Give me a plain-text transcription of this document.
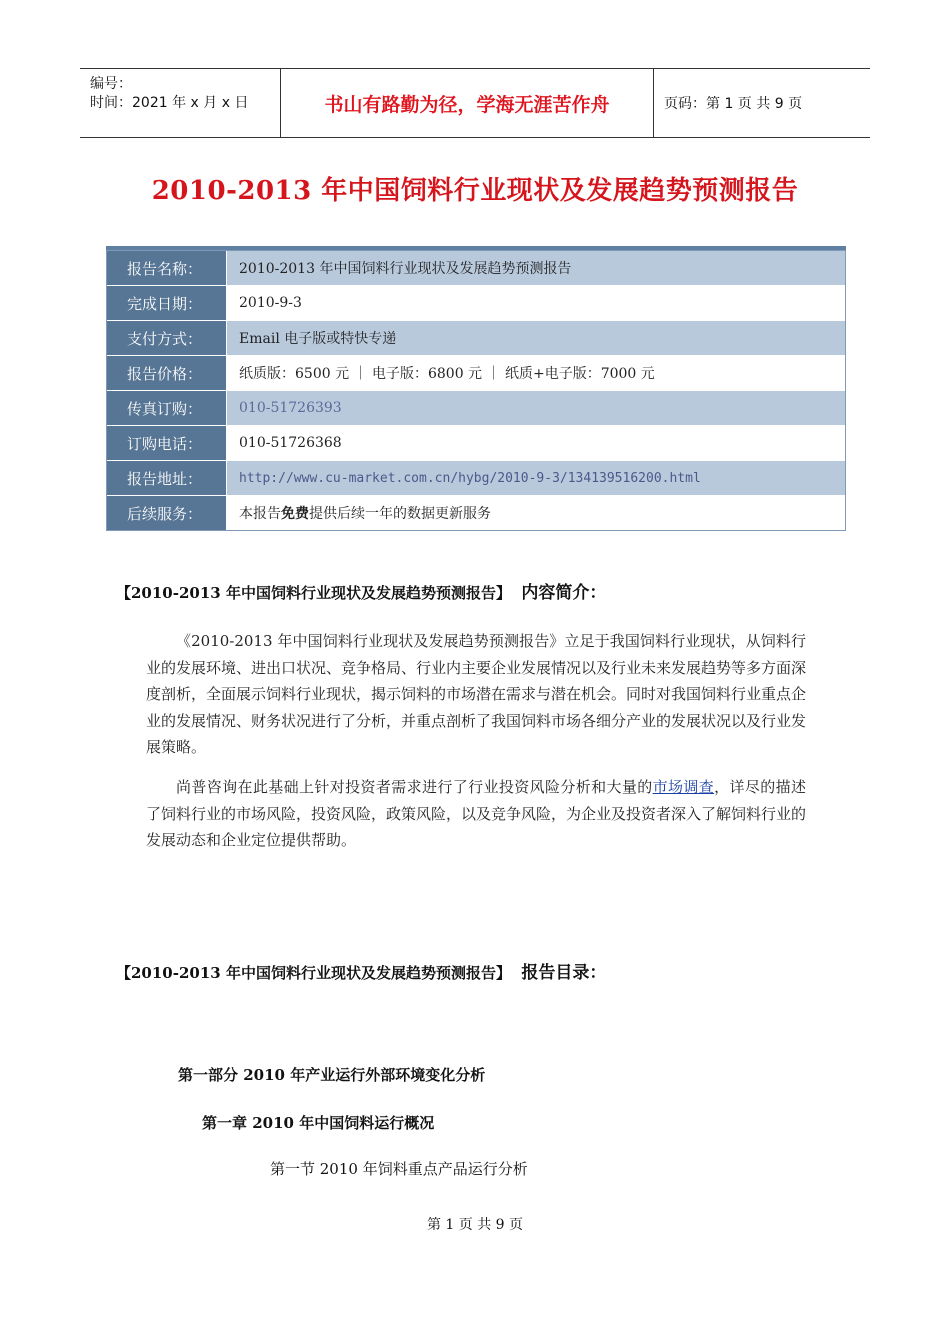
编号：
时间：2021 年 x 月 x 日	书山有路勤为径，学海无涯苦作舟	页码：第 1 页 共 9 页
2010-2013 年中国饲料行业现状及发展趋势预测报告
报告名称：	2010-2013 年中国饲料行业现状及发展趋势预测报告
完成日期：	2010-9-3
支付方式：	Email 电子版或特快专递
报告价格：	纸质版：6500 元 ｜ 电子版：6800 元 ｜ 纸质+电子版：7000 元
传真订购：	010-51726393
订购电话：	010-51726368
报告地址：	http://www.cu-market.com.cn/hybg/2010-9-3/134139516200.html
后续服务：	本报告 免费 提供后续一年的数据更新服务
【2010-2013 年中国饲料行业现状及发展趋势预测报告】 内容简介：
《2010-2013 年中国饲料行业现状及发展趋势预测报告》立足于我国饲料行业现状，从饲料行业的发展环境、进出口状况、竞争格局、行业内主要企业发展情况以及行业未来发展趋势等多方面深度剖析，全面展示饲料行业现状，揭示饲料的市场潜在需求与潜在机会。同时对我国饲料行业重点企业的发展情况、财务状况进行了分析，并重点剖析了我国饲料市场各细分产业的发展状况以及行业发展策略。
尚普咨询在此基础上针对投资者需求进行了行业投资风险分析和大量的市场调查，详尽的描述了饲料行业的市场风险，投资风险，政策风险，以及竞争风险，为企业及投资者深入了解饲料行业的发展动态和企业定位提供帮助。
【2010-2013 年中国饲料行业现状及发展趋势预测报告】 报告目录：
第一部分 2010 年产业运行外部环境变化分析
第一章 2010 年中国饲料运行概况
第一节 2010 年饲料重点产品运行分析
第 1 页 共 9 页
